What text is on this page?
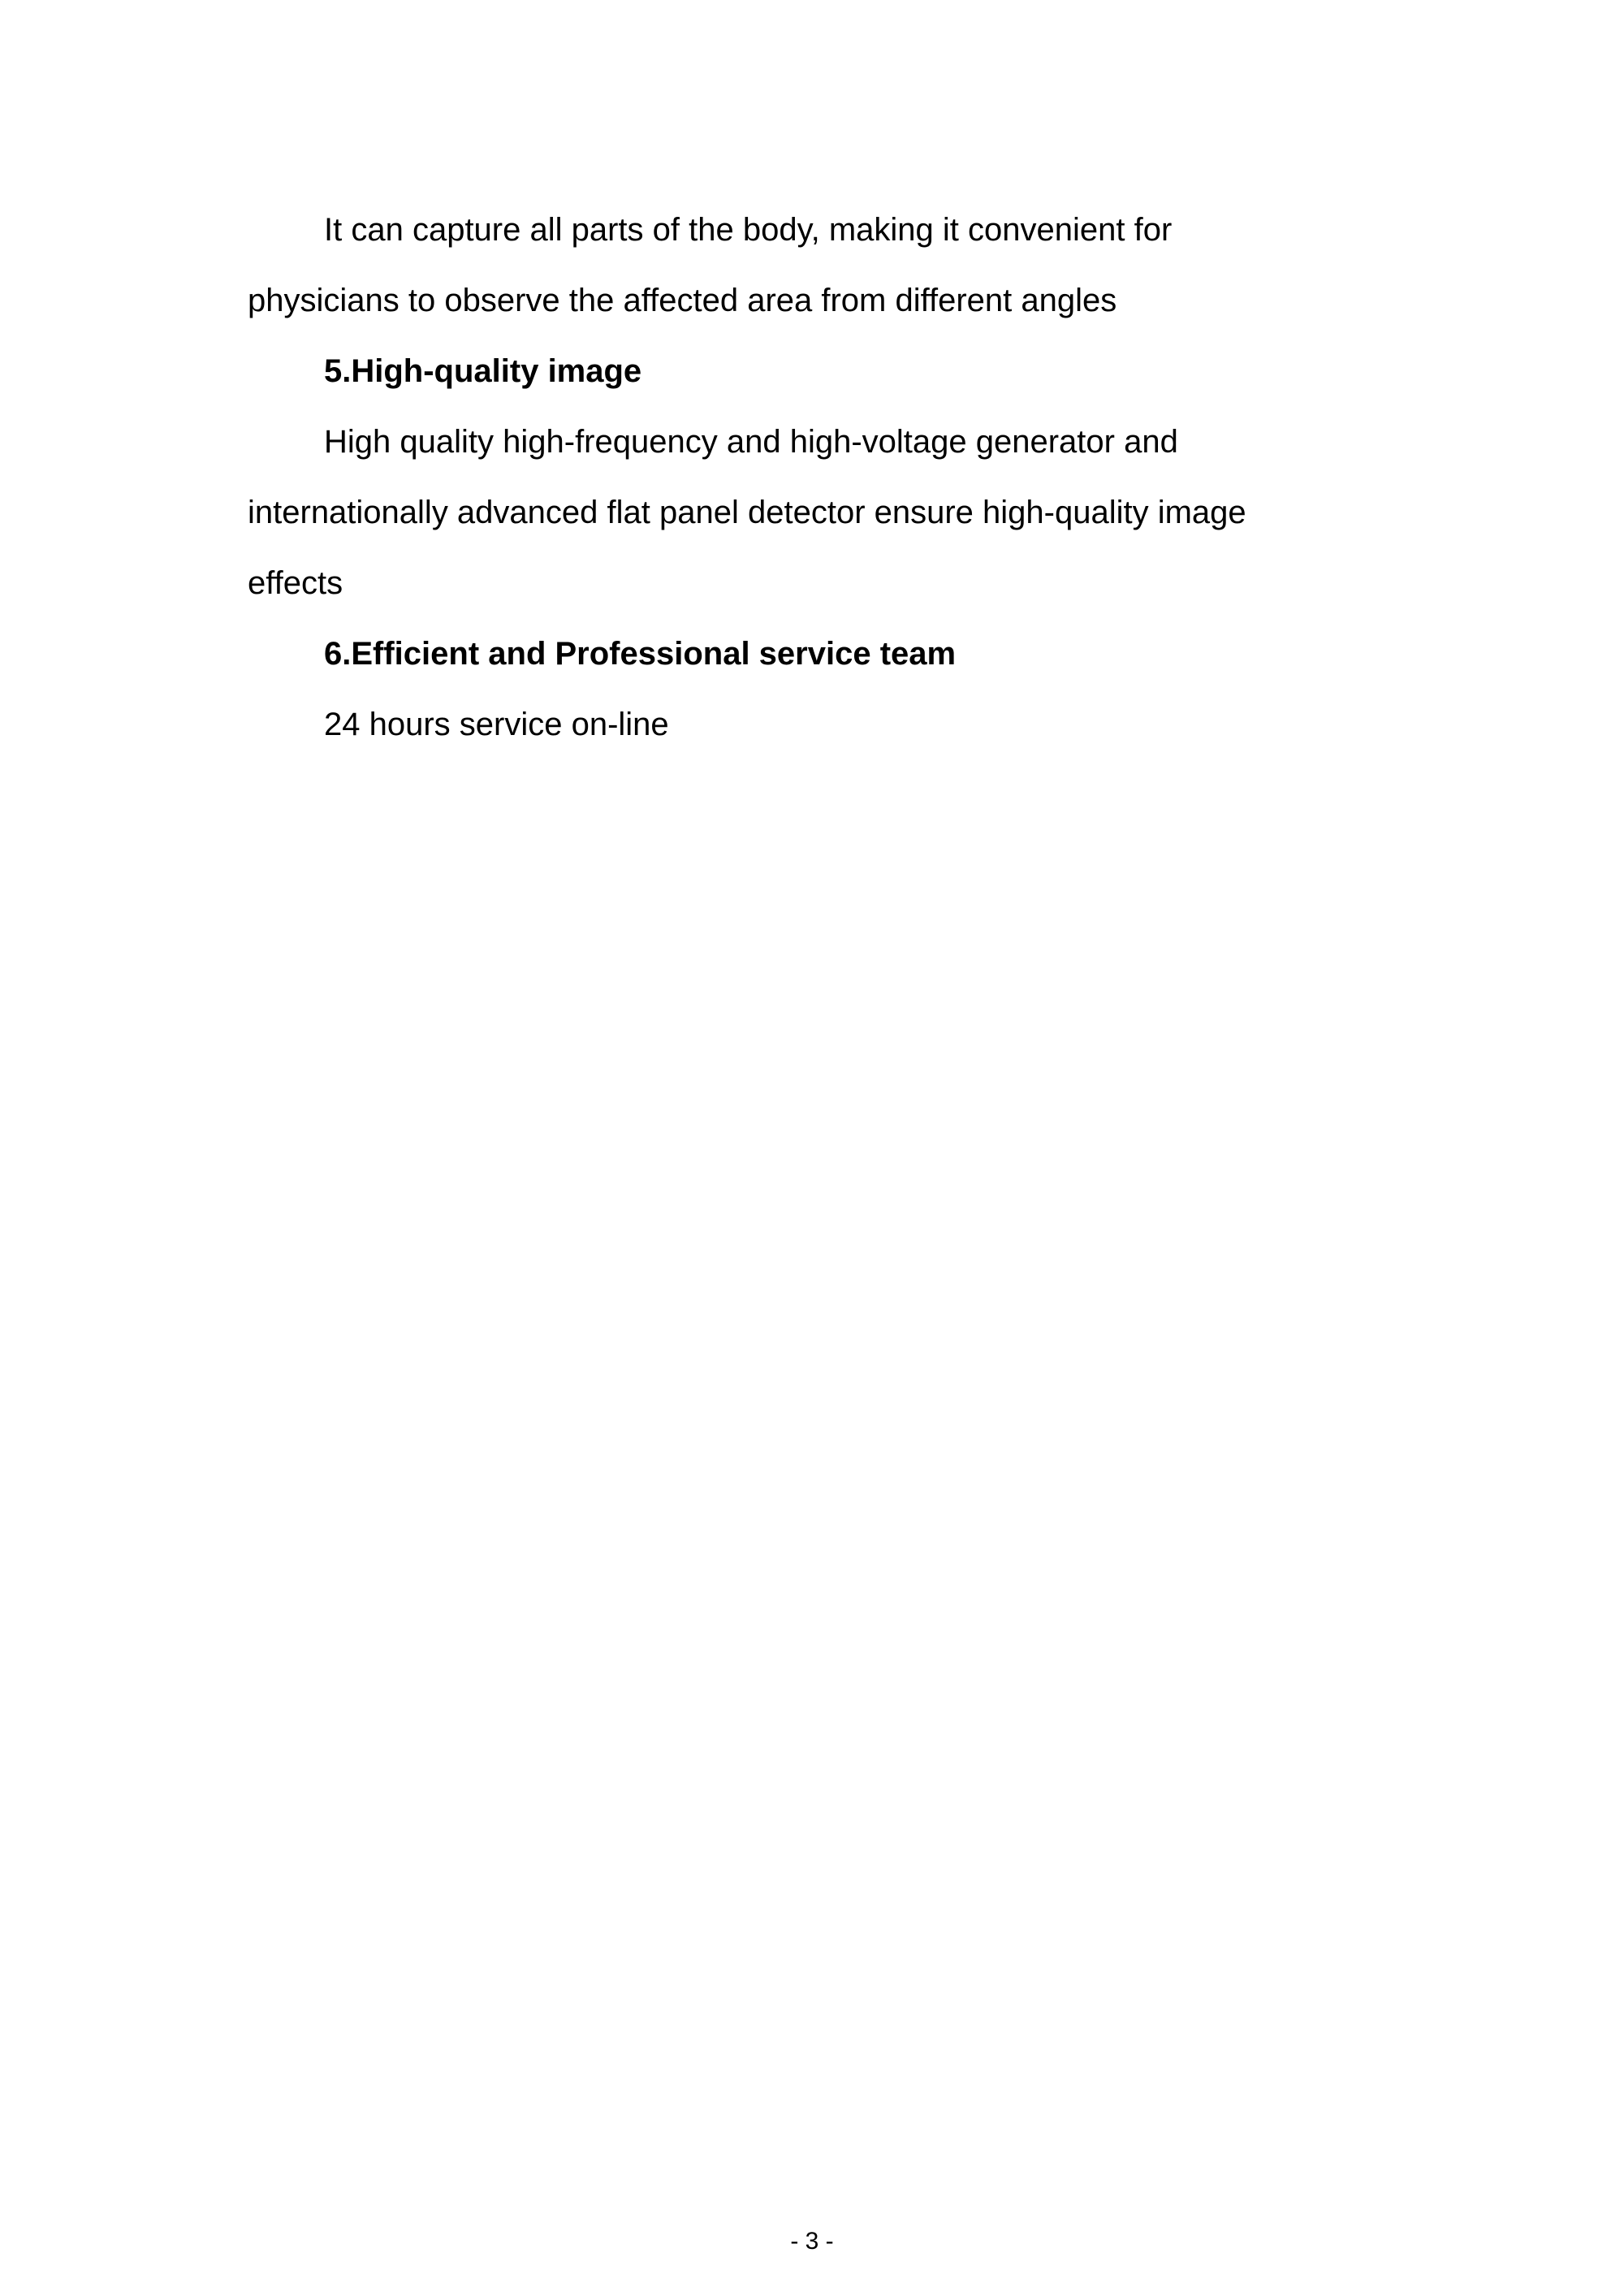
It can capture all parts of the body, making it convenient for
physicians to observe the affected area from different angles
5.High-quality image
High quality high-frequency and high-voltage generator and
internationally advanced flat panel detector ensure high-quality image
effects
6.Efficient and Professional service team
24 hours service on-line
- 3 -
